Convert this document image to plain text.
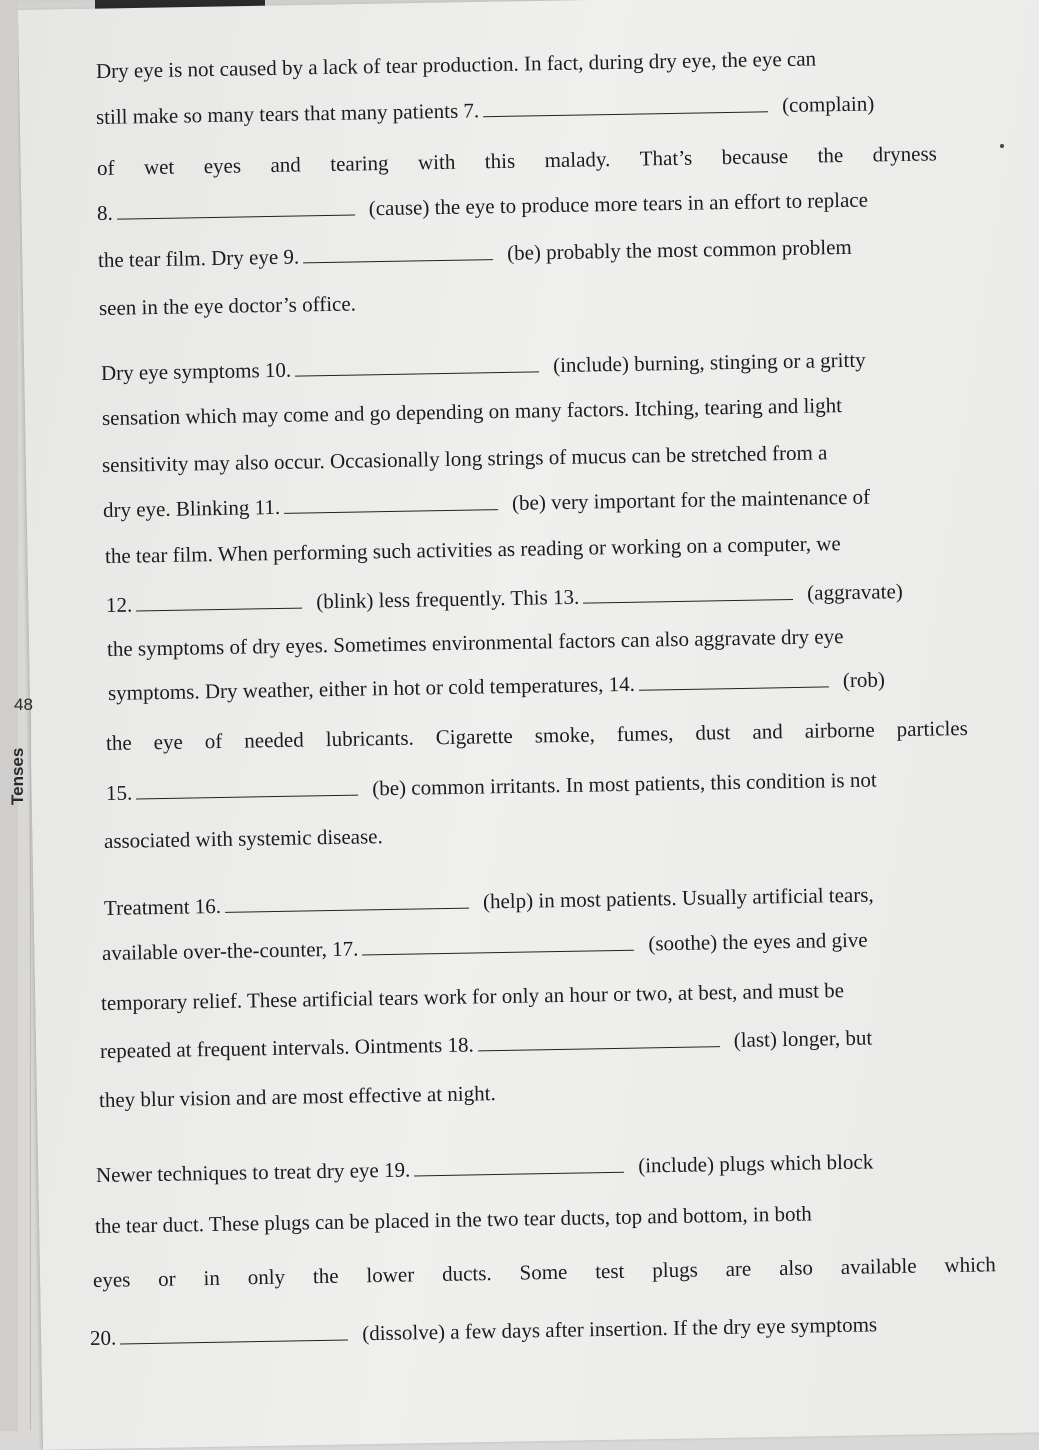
48
Tenses
Dry eye is not caused by a lack of tear production. In fact, during dry eye, the eye can
still make so many tears that many patients 7.	(complain)
of wet eyes and tearing with this malady. That’s because the dryness
8.	(cause) the eye to produce more tears in an effort to replace
the tear film. Dry eye 9.	(be) probably the most common problem
seen in the eye doctor’s office.
Dry eye symptoms 10.	(include) burning, stinging or a gritty
sensation which may come and go depending on many factors. Itching, tearing and light
sensitivity may also occur. Occasionally long strings of mucus can be stretched from a
dry eye. Blinking 11.	(be) very important for the maintenance of
the tear film. When performing such activities as reading or working on a computer, we
12.	(blink) less frequently. This 13.	(aggravate)
the symptoms of dry eyes. Sometimes environmental factors can also aggravate dry eye
symptoms. Dry weather, either in hot or cold temperatures, 14.	(rob)
the eye of needed lubricants. Cigarette smoke, fumes, dust and airborne particles
15.	(be) common irritants. In most patients, this condition is not
associated with systemic disease.
Treatment 16.	(help) in most patients. Usually artificial tears,
available over-the-counter, 17.	(soothe) the eyes and give
temporary relief. These artificial tears work for only an hour or two, at best, and must be
repeated at frequent intervals. Ointments 18.	(last) longer, but
they blur vision and are most effective at night.
Newer techniques to treat dry eye 19.	(include) plugs which block
the tear duct. These plugs can be placed in the two tear ducts, top and bottom, in both
eyes or in only the lower ducts. Some test plugs are also available which
20.	(dissolve) a few days after insertion. If the dry eye symptoms
